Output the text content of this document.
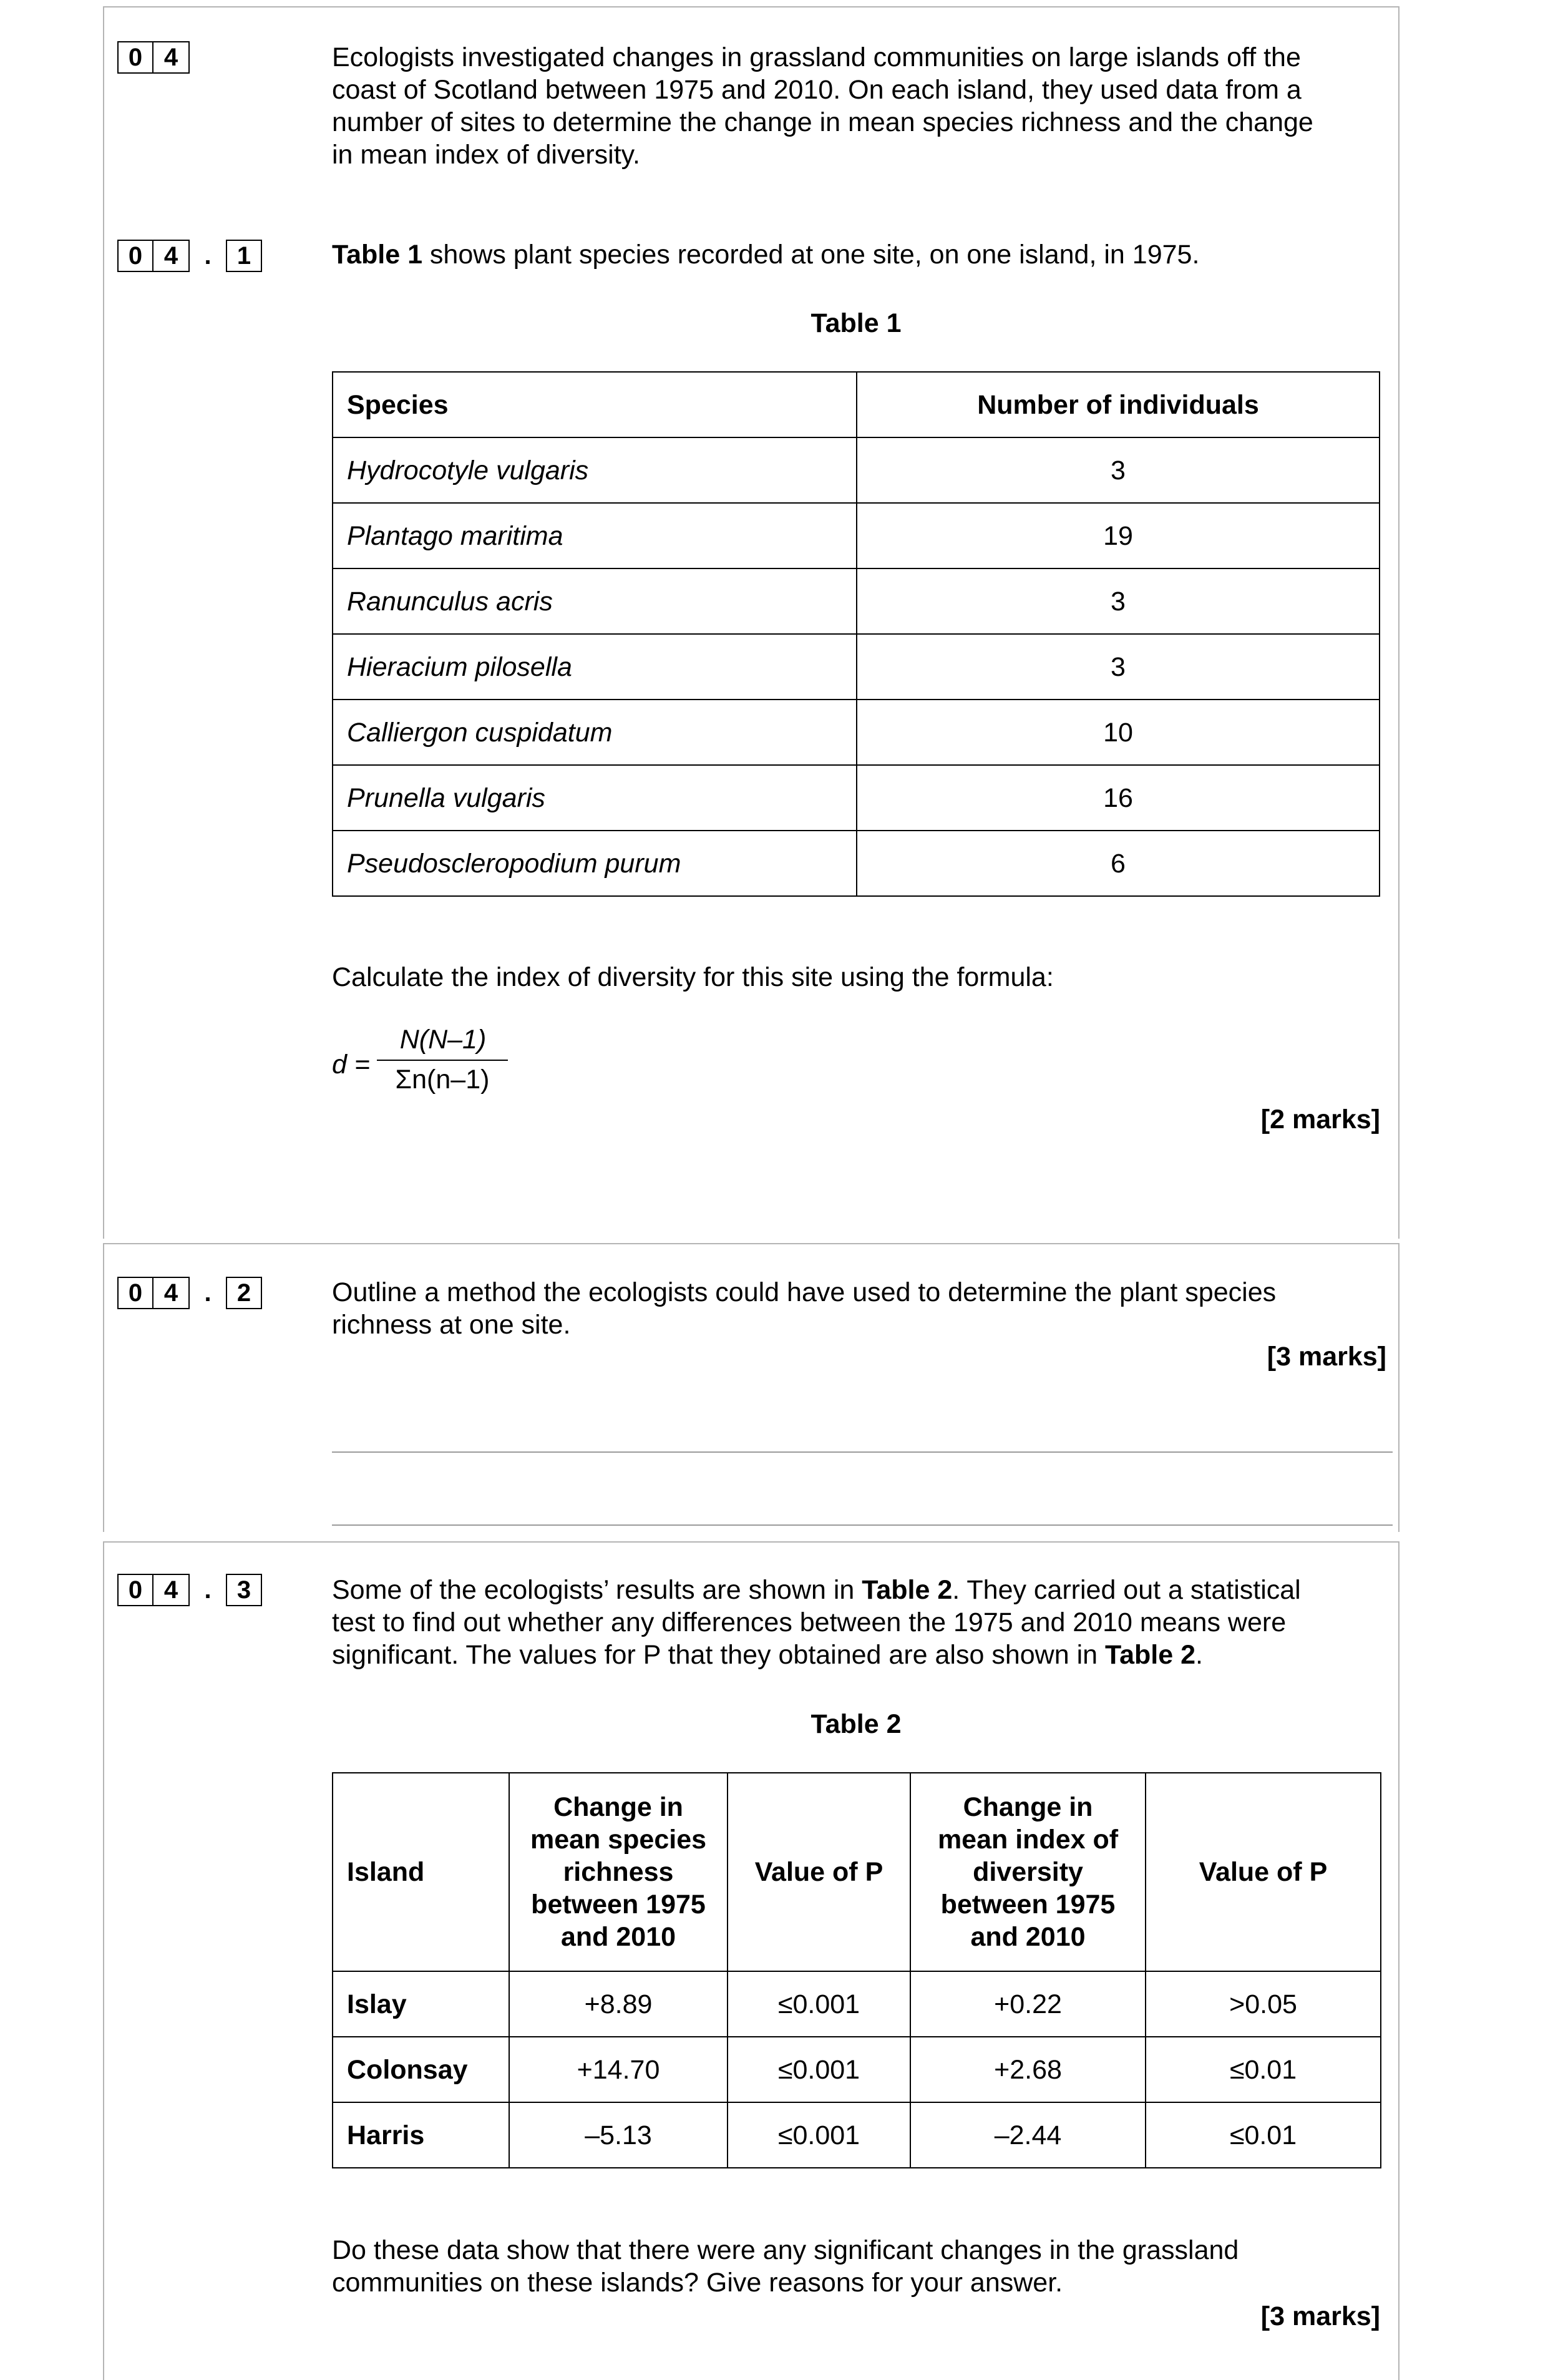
0 4	Ecologists investigated changes in grassland communities on large islands off the
coast of Scotland between 1975 and 2010. On each island, they used data from a
number of sites to determine the change in mean species richness and the change
in mean index of diversity.
0 4	.	1	Table 1 shows plant species recorded at one site, on one island, in 1975.
Table 1
Species	Number of individuals
Hydrocotyle vulgaris	3
Plantago maritima	19
Ranunculus acris	3
Hieracium pilosella	3
Calliergon cuspidatum	10
Prunella vulgaris	16
Pseudoscleropodium purum	6
Calculate the index of diversity for this site using the formula:
d =
N(N–1)
Σn(n–1)
[2 marks]
0 4	.	2	Outline a method the ecologists could have used to determine the plant species
richness at one site.
[3 marks]
0 4	.	3	Some of the ecologists’ results are shown in Table 2. They carried out a statistical
test to find out whether any differences between the 1975 and 2010 means were
significant. The values for P that they obtained are also shown in Table 2.
Table 2
Island	Change in
mean species
richness
between 1975
and 2010	Value of P	Change in
mean index of
diversity
between 1975
and 2010	Value of P
Islay	+8.89	≤0.001	+0.22	>0.05
Colonsay	+14.70	≤0.001	+2.68	≤0.01
Harris	–5.13	≤0.001	–2.44	≤0.01
Do these data show that there were any significant changes in the grassland
communities on these islands? Give reasons for your answer.
[3 marks]
